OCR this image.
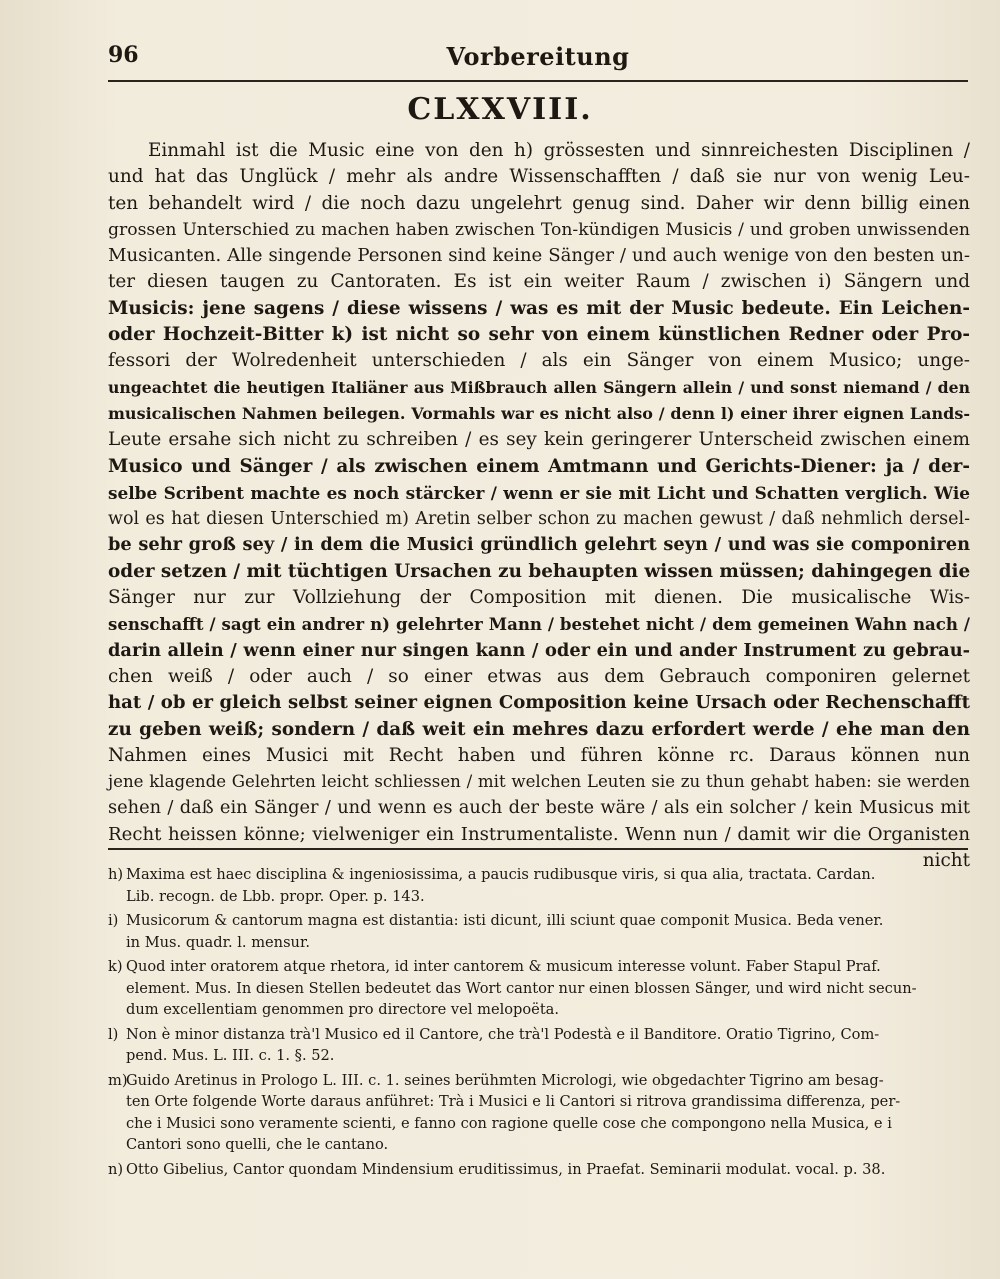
96	Vorbereitung
CLXXVIII.
Einmahl ist die Music eine von den h) grössesten und sinnreichesten Disciplinen /
und hat das Unglück / mehr als andre Wissenschafften / daß sie nur von wenig Leu-
ten behandelt wird / die noch dazu ungelehrt genug sind. Daher wir denn billig einen
grossen Unterschied zu machen haben zwischen Ton-kündigen Musicis / und groben unwissenden
Musicanten. Alle singende Personen sind keine Sänger / und auch wenige von den besten un-
ter diesen taugen zu Cantoraten. Es ist ein weiter Raum / zwischen i) Sängern und
Musicis: jene sagens / diese wissens / was es mit der Music bedeute. Ein Leichen-
oder Hochzeit-Bitter k) ist nicht so sehr von einem künstlichen Redner oder Pro-
fessori der Wolredenheit unterschieden / als ein Sänger von einem Musico; unge-
ungeachtet die heutigen Italiäner aus Mißbrauch allen Sängern allein / und sonst niemand / den
musicalischen Nahmen beilegen. Vormahls war es nicht also / denn l) einer ihrer eignen Lands-
Leute ersahe sich nicht zu schreiben / es sey kein geringerer Unterscheid zwischen einem
Musico und Sänger / als zwischen einem Amtmann und Gerichts-Diener: ja / der-
selbe Scribent machte es noch stärcker / wenn er sie mit Licht und Schatten verglich. Wie
wol es hat diesen Unterschied m) Aretin selber schon zu machen gewust / daß nehmlich dersel-
be sehr groß sey / in dem die Musici gründlich gelehrt seyn / und was sie componiren
oder setzen / mit tüchtigen Ursachen zu behaupten wissen müssen; dahingegen die
Sänger nur zur Vollziehung der Composition mit dienen. Die musicalische Wis-
senschafft / sagt ein andrer n) gelehrter Mann / bestehet nicht / dem gemeinen Wahn nach /
darin allein / wenn einer nur singen kann / oder ein und ander Instrument zu gebrau-
chen weiß / oder auch / so einer etwas aus dem Gebrauch componiren gelernet
hat / ob er gleich selbst seiner eignen Composition keine Ursach oder Rechenschafft
zu geben weiß; sondern / daß weit ein mehres dazu erfordert werde / ehe man den
Nahmen eines Musici mit Recht haben und führen könne rc. Daraus können nun
jene klagende Gelehrten leicht schliessen / mit welchen Leuten sie zu thun gehabt haben: sie werden
sehen / daß ein Sänger / und wenn es auch der beste wäre / als ein solcher / kein Musicus mit
Recht heissen könne; vielweniger ein Instrumentaliste. Wenn nun / damit wir die Organisten
nicht
h) Maxima est haec disciplina & ingeniosissima, a paucis rudibusque viris, si qua alia, tractata. Cardan.
Lib. recogn. de Lbb. propr. Oper. p. 143.
i) Musicorum & cantorum magna est distantia: isti dicunt, illi sciunt quae componit Musica. Beda vener.
in Mus. quadr. l. mensur.
k) Quod inter oratorem atque rhetora, id inter cantorem & musicum interesse volunt. Faber Stapul Praf.
element. Mus. In diesen Stellen bedeutet das Wort cantor nur einen blossen Sänger, und wird nicht secun-
dum excellentiam genommen pro directore vel melopoëta.
l) Non è minor distanza trà'l Musico ed il Cantore, che trà'l Podestà e il Banditore. Oratio Tigrino, Com-
pend. Mus. L. III. c. 1. §. 52.
m)Guido Aretinus in Prologo L. III. c. 1. seines berühmten Micrologi, wie obgedachter Tigrino am besag-
ten Orte folgende Worte daraus anführet: Trà i Musici e li Cantori si ritrova grandissima differenza, per-
che i Musici sono veramente scienti, e fanno con ragione quelle cose che compongono nella Musica, e i
Cantori sono quelli, che le cantano.
n) Otto Gibelius, Cantor quondam Mindensium eruditissimus, in Praefat. Seminarii modulat. vocal. p. 38.
